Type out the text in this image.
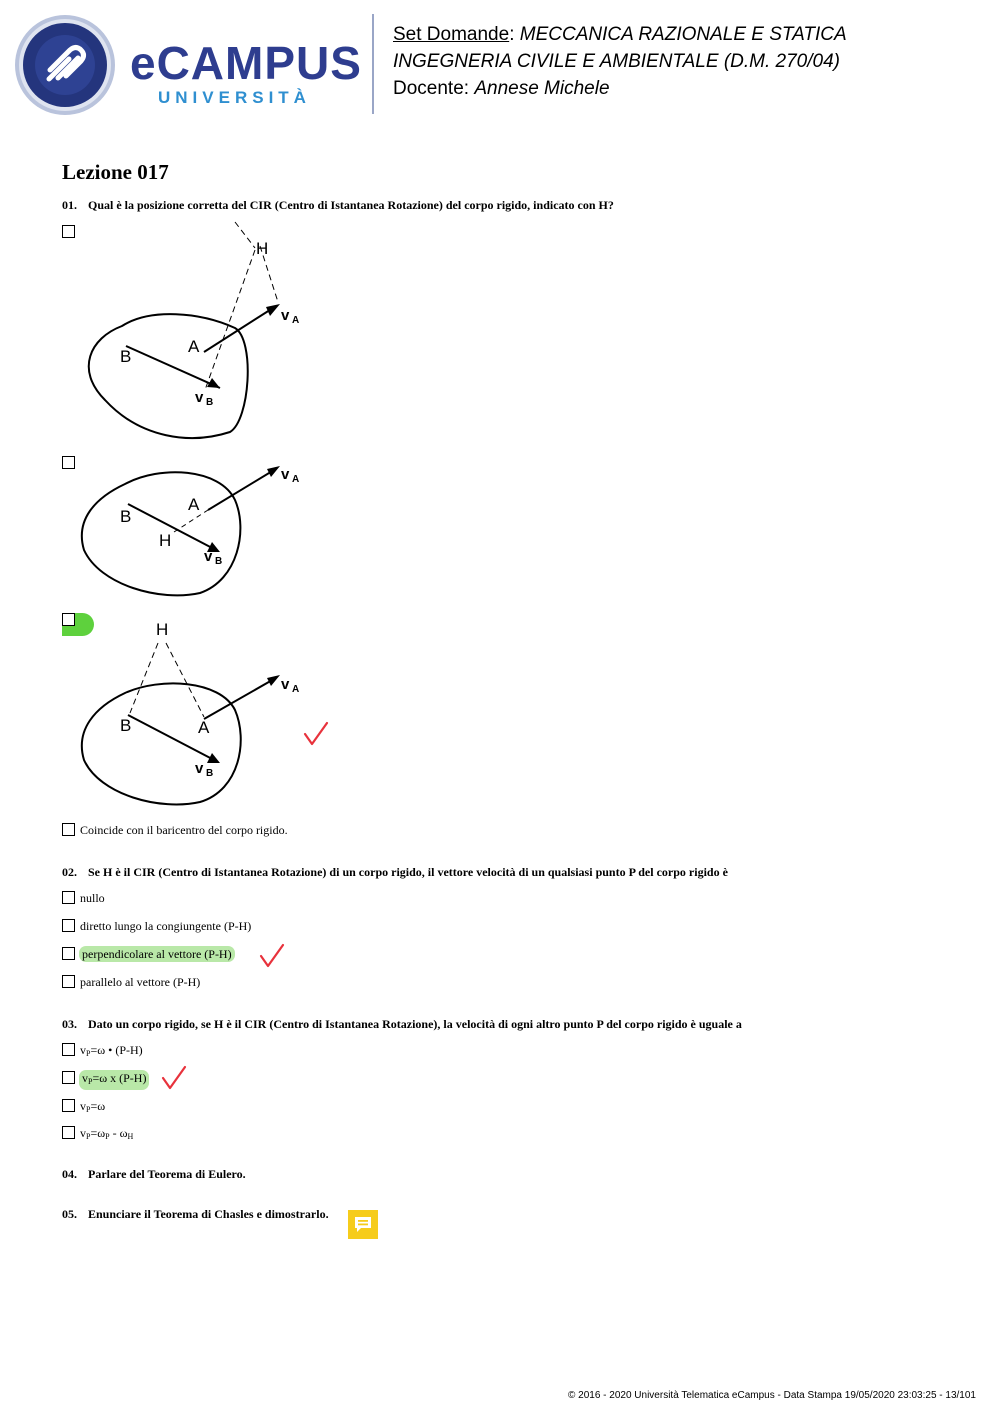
eCAMPUS
UNIVERSITÀ
Set Domande: MECCANICA RAZIONALE E STATICA
INGEGNERIA CIVILE E AMBIENTALE (D.M. 270/04)
Docente: Annese Michele
Lezione 017
01. Qual è la posizione corretta del CIR (Centro di Istantanea Rotazione) del corpo rigido, indicato con H?
H
A
B
v A
v B
A
B
H
v A
v B
H
A
B
v A
v B
Coincide con il baricentro del corpo rigido.
02. Se H è il CIR (Centro di Istantanea Rotazione) di un corpo rigido, il vettore velocità di un qualsiasi punto P del corpo rigido è
nullo
diretto lungo la congiungente (P-H)
perpendicolare al vettore (P-H)
parallelo al vettore (P-H)
03. Dato un corpo rigido, se H è il CIR (Centro di Istantanea Rotazione), la velocità di ogni altro punto P del corpo rigido è uguale a
$v_P=\omega$ • (P-H)
$v_P=\omega$ x (P-H)
$v_P=\omega$
$v_P=\omega_P - \omega_H$
04. Parlare del Teorema di Eulero.
05. Enunciare il Teorema di Chasles e dimostrarlo.
© 2016 - 2020 Università Telematica eCampus - Data Stampa 19/05/2020 23:03:25 - 13/101
